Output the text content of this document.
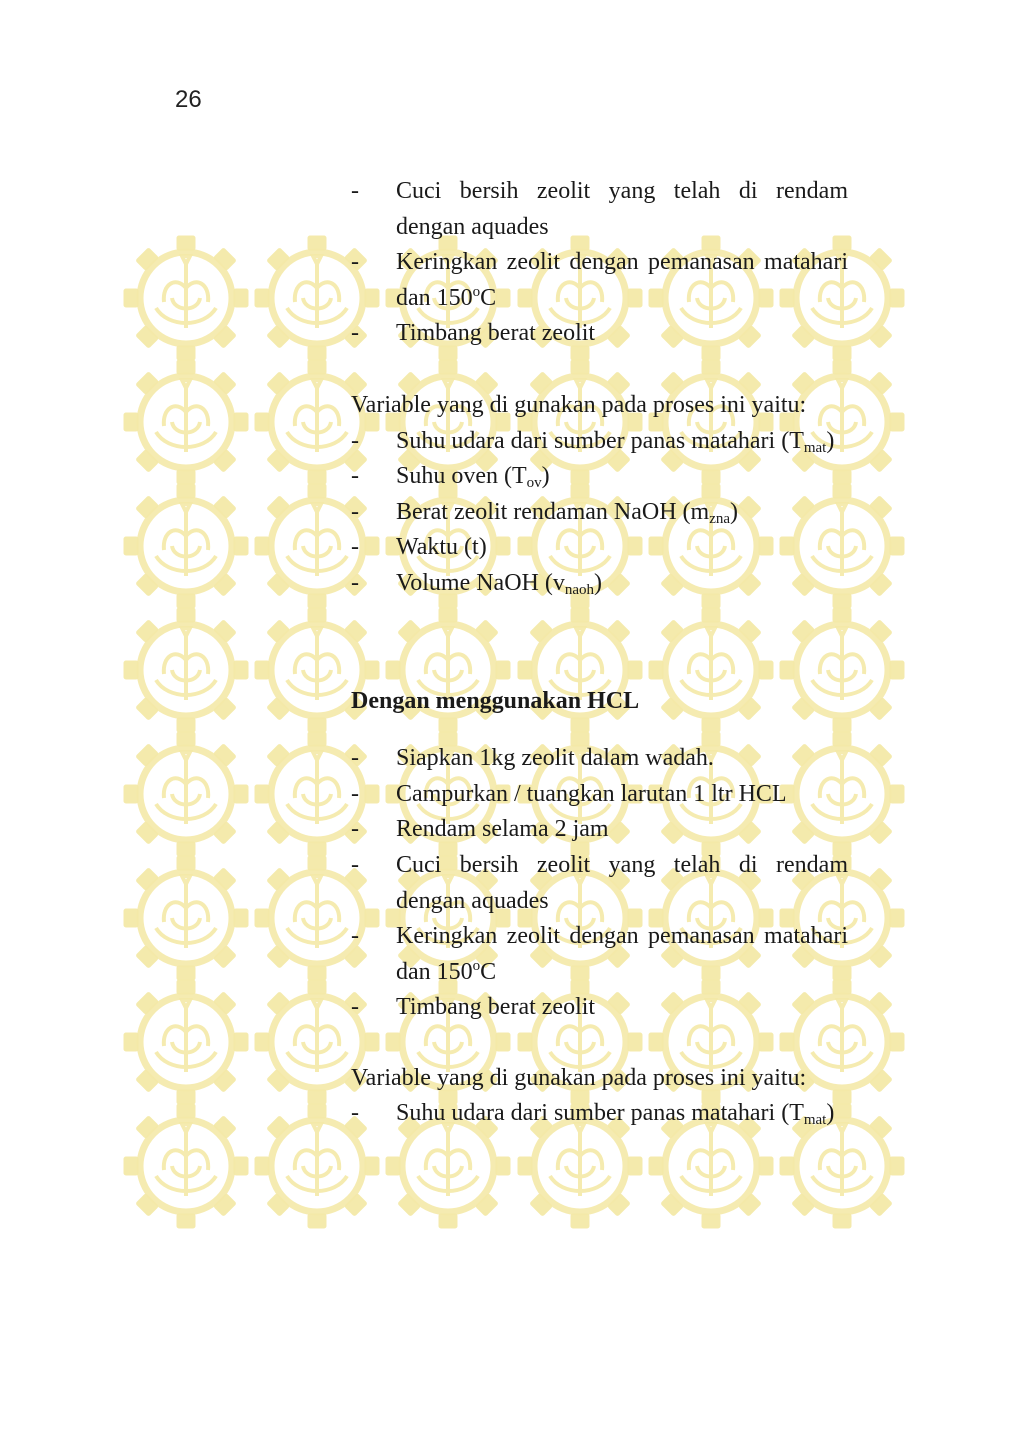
26
- Cuci bersih zeolit yang telah di rendam dengan aquades
- Keringkan zeolit dengan pemanasan matahari dan 150$^o$C
- Timbang berat zeolit

Variable yang di gunakan pada proses ini yaitu:

- Suhu udara dari sumber panas matahari $(T_{mat})$
- Suhu oven $(T_{ov})$
- Berat zeolit rendaman NaOH $(m_{zna})$
- Waktu (t)
- Volume NaOH $(v_{naoh})$

Dengan menggunakan HCL

- Siapkan 1kg zeolit dalam wadah.
- Campurkan / tuangkan larutan 1 ltr HCL
- Rendam selama 2 jam
- Cuci bersih zeolit yang telah di rendam dengan aquades
- Keringkan zeolit dengan pemanasan matahari dan 150$^o$C
- Timbang berat zeolit

Variable yang di gunakan pada proses ini yaitu:

- Suhu udara dari sumber panas matahari $(T_{mat})$
